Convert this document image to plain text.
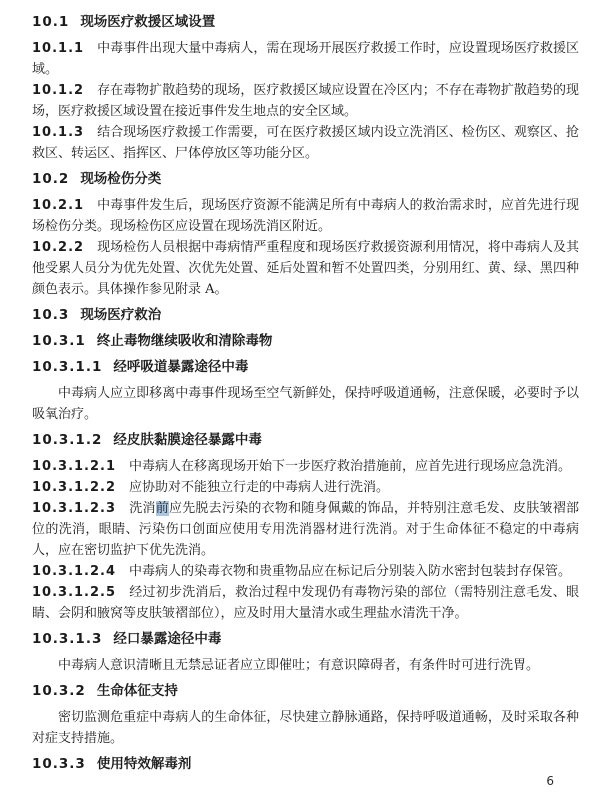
10.1 现场医疗救援区域设置
10.1.1 中毒事件出现大量中毒病人，需在现场开展医疗救援工作时，应设置现场医疗救援区域。
10.1.2 存在毒物扩散趋势的现场，医疗救援区域应设置在冷区内；不存在毒物扩散趋势的现场，医疗救援区域设置在接近事件发生地点的安全区域。
10.1.3 结合现场医疗救援工作需要，可在医疗救援区域内设立洗消区、检伤区、观察区、抢救区、转运区、指挥区、尸体停放区等功能分区。
10.2 现场检伤分类
10.2.1 中毒事件发生后，现场医疗资源不能满足所有中毒病人的救治需求时，应首先进行现场检伤分类。现场检伤区应设置在现场洗消区附近。
10.2.2 现场检伤人员根据中毒病情严重程度和现场医疗救援资源利用情况，将中毒病人及其他受累人员分为优先处置、次优先处置、延后处置和暂不处置四类，分别用红、黄、绿、黑四种颜色表示。具体操作参见附录 A。
10.3 现场医疗救治
10.3.1 终止毒物继续吸收和清除毒物
10.3.1.1 经呼吸道暴露途径中毒
中毒病人应立即移离中毒事件现场至空气新鲜处，保持呼吸道通畅，注意保暖，必要时予以吸氧治疗。
10.3.1.2 经皮肤黏膜途径暴露中毒
10.3.1.2.1 中毒病人在移离现场开始下一步医疗救治措施前，应首先进行现场应急洗消。
10.3.1.2.2 应协助对不能独立行走的中毒病人进行洗消。
10.3.1.2.3 洗消前应先脱去污染的衣物和随身佩戴的饰品，并特别注意毛发、皮肤皱褶部位的洗消，眼睛、污染伤口创面应使用专用洗消器材进行洗消。对于生命体征不稳定的中毒病人，应在密切监护下优先洗消。
10.3.1.2.4 中毒病人的染毒衣物和贵重物品应在标记后分别装入防水密封包装封存保管。
10.3.1.2.5 经过初步洗消后，救治过程中发现仍有毒物污染的部位（需特别注意毛发、眼睛、会阴和腋窝等皮肤皱褶部位），应及时用大量清水或生理盐水清洗干净。
10.3.1.3 经口暴露途径中毒
中毒病人意识清晰且无禁忌证者应立即催吐；有意识障碍者，有条件时可进行洗胃。
10.3.2 生命体征支持
密切监测危重症中毒病人的生命体征，尽快建立静脉通路，保持呼吸道通畅，及时采取各种对症支持措施。
10.3.3 使用特效解毒剂
6
